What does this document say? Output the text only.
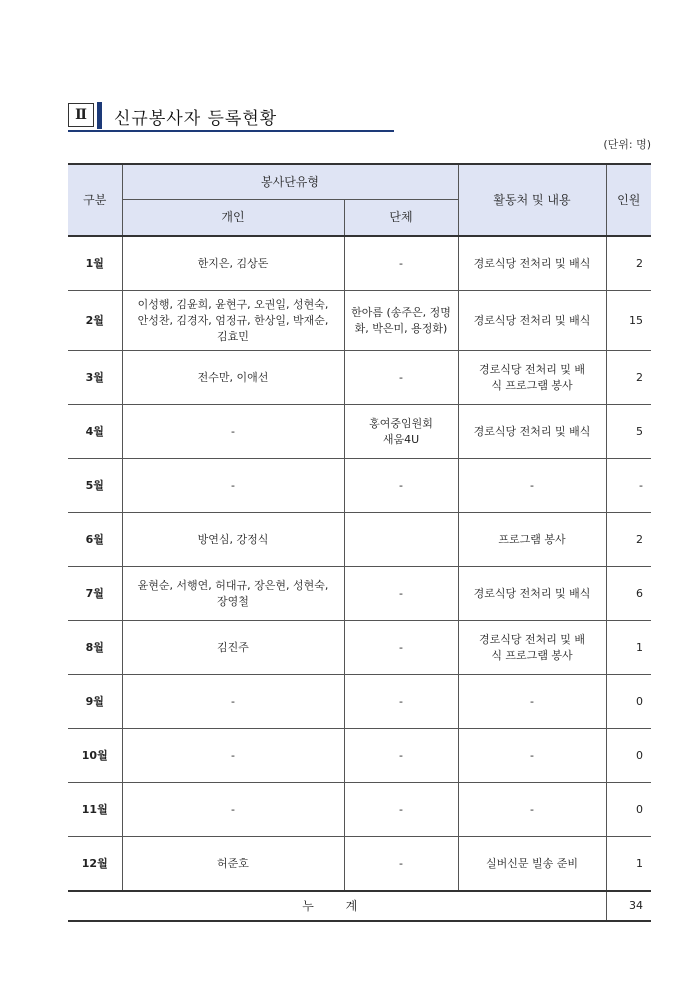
Ⅱ	신규봉사자 등록현황
(단위: 명)
구분	봉사단유형		활동처 및 내용	인원
	개인	단체		
1월	한지은, 김상돈	-	경로식당 전처리 및 배식	2
2월	이성행, 김윤희, 윤현구, 오권일, 성현숙, 안성찬, 김경자, 엄정규, 한상일, 박재순, 김효민	한아름 (송주은, 정명화, 박은미, 용정화)	경로식당 전처리 및 배식	15
3월	전수만, 이애선	-	경로식당 전처리 및 배식 프로그램 봉사	2
4월	-	홍여중임원회 새움4U	경로식당 전처리 및 배식	5
5월	-	-	-	-
6월	방연심, 강정식		프로그램 봉사	2
7월	윤현순, 서행연, 허대규, 장은현, 성현숙, 장영철	-	경로식당 전처리 및 배식	6
8월	김진주	-	경로식당 전처리 및 배식 프로그램 봉사	1
9월	-	-	-	0
10월	-	-	-	0
11월	-	-	-	0
12월	허준호	-	실버신문 빌송 준비	1
누 계				34
